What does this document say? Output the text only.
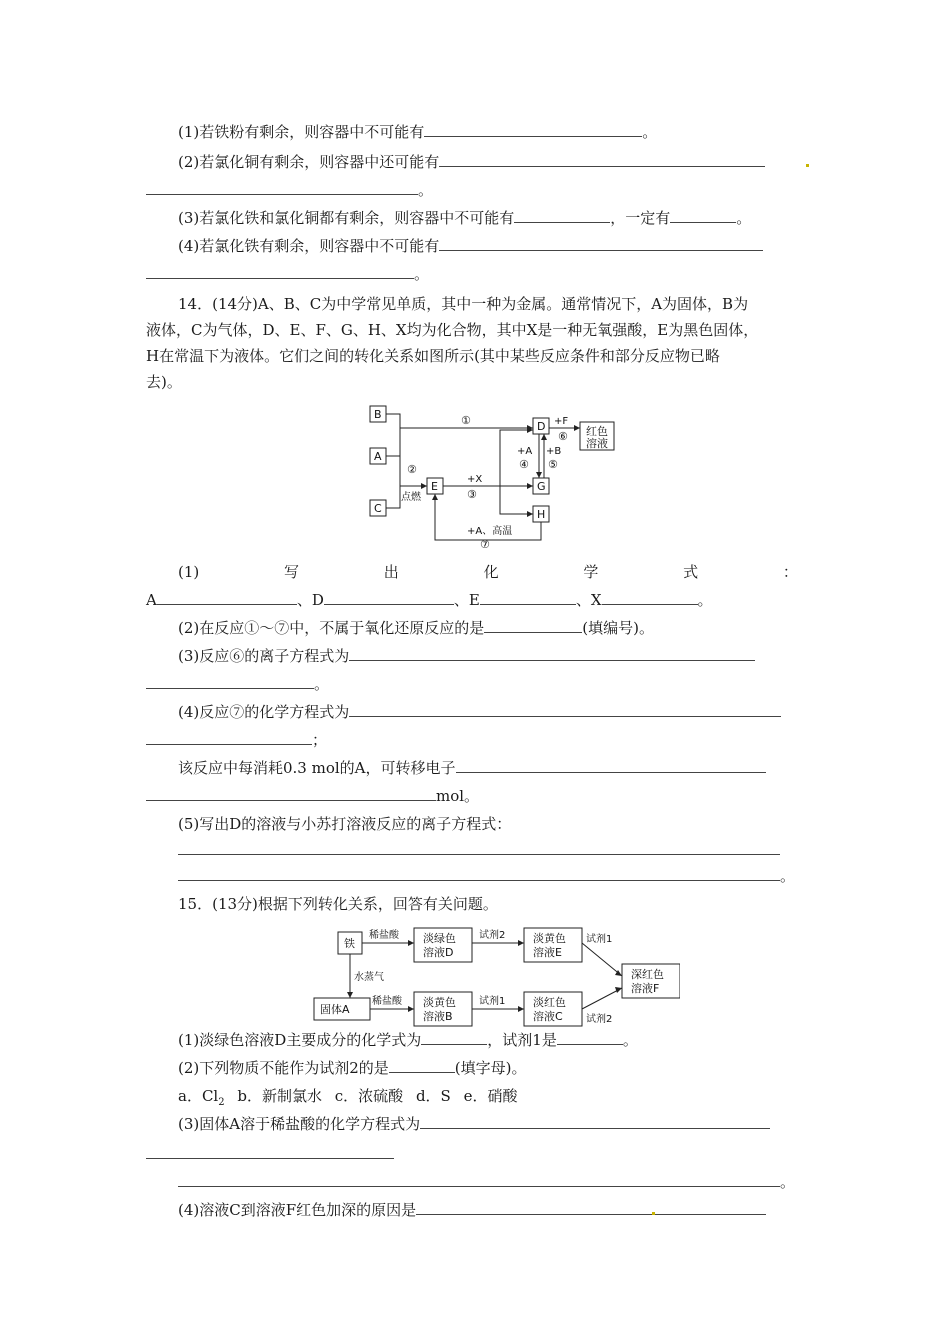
(1)若铁粉有剩余，则容器中不可能有	。
(2)若氯化铜有剩余，则容器中还可能有
。
(3)若氯化铁和氯化铜都有剩余，则容器中不可能有	，一定有	。
(4)若氯化铁有剩余，则容器中不可能有
。
14．(14分)A、B、C为中学常见单质，其中一种为金属。通常情况下，A为固体，B为
液体，C为气体，D、E、F、G、H、X均为化合物，其中X是一种无氧强酸，E为黑色固体，
H在常温下为液体。它们之间的转化关系如图所示(其中某些反应条件和部分反应物已略
去)。
B
A
C
E
D
G
H
①
②
点燃
+X
③
+A
④
+B
⑤
+F
⑥ 红色
溶液
+A、高温
⑦
(1)	写	出	化	学	式	：
A	、D	、E	、X	。
(2)在反应①～⑦中，不属于氧化还原反应的是	(填编号)。
(3)反应⑥的离子方程式为
。
(4)反应⑦的化学方程式为
；
该反应中每消耗0.3 mol的A，可转移电子
mol。
(5)写出D的溶液与小苏打溶液反应的离子方程式：
。
15．(13分)根据下列转化关系，回答有关问题。
铁
稀盐酸 淡绿色
溶液D
试剂2	淡黄色
溶液E
试剂1
水蒸气	深红色
溶液F
固体A
稀盐酸 淡黄色
溶液B
试剂1	淡红色
溶液C 试剂2
(1)淡绿色溶液D主要成分的化学式为	，试剂1是	。
(2)下列物质不能作为试剂2的是	(填字母)。
a．$Cl_2$ b．新制氯水 c．浓硫酸 d．S e．硝酸
(3)固体A溶于稀盐酸的化学方程式为
。
(4)溶液C到溶液F红色加深的原因是
